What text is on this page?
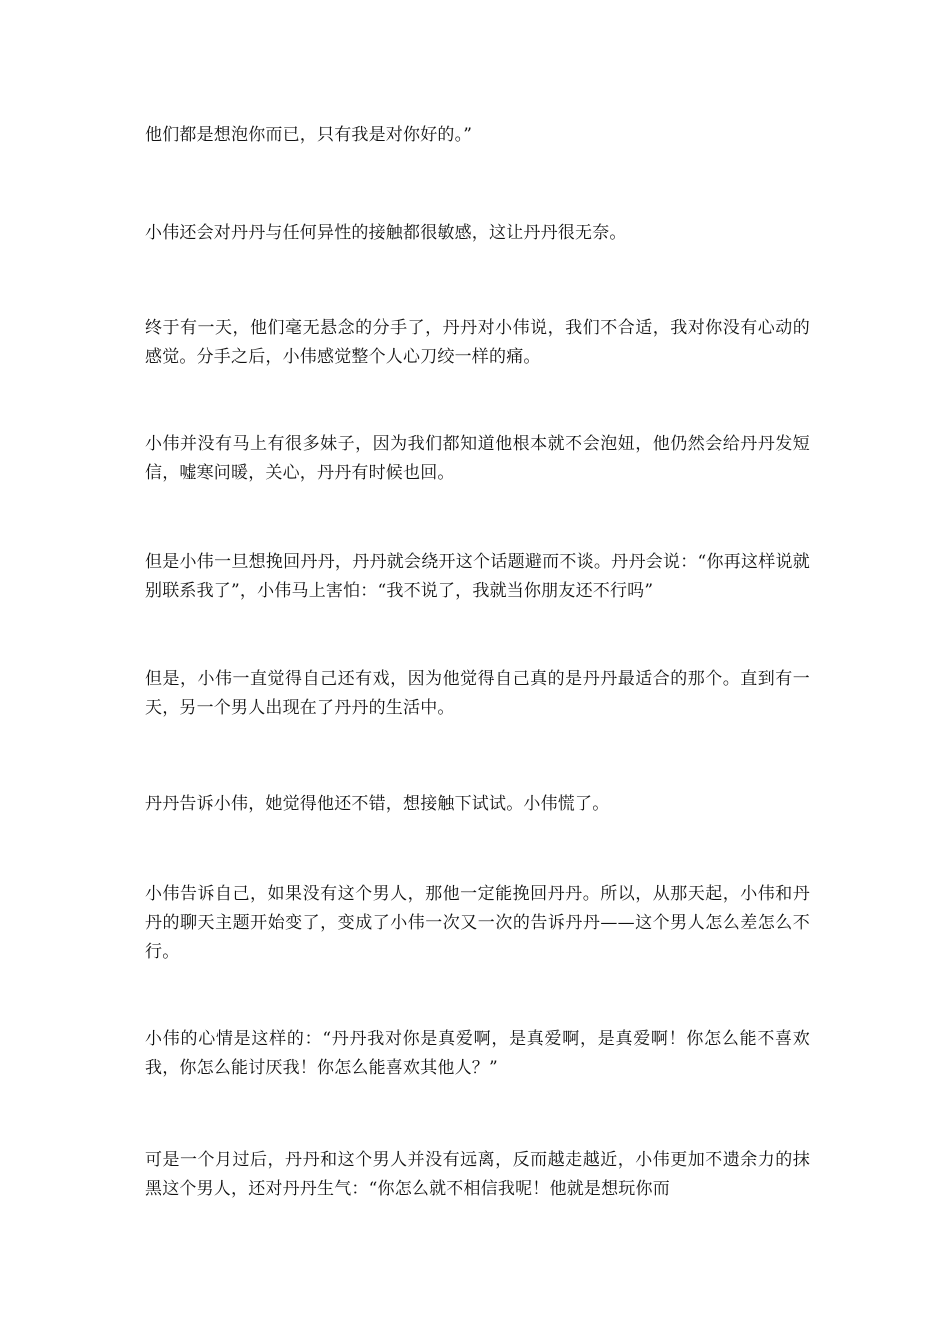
他们都是想泡你而已，只有我是对你好的。”

小伟还会对丹丹与任何异性的接触都很敏感，这让丹丹很无奈。

终于有一天，他们毫无悬念的分手了，丹丹对小伟说，我们不合适，我对你没有心动的感觉。分手之后，小伟感觉整个人心刀绞一样的痛。

小伟并没有马上有很多妹子，因为我们都知道他根本就不会泡妞，他仍然会给丹丹发短信，嘘寒问暖，关心，丹丹有时候也回。

但是小伟一旦想挽回丹丹，丹丹就会绕开这个话题避而不谈。丹丹会说：“你再这样说就别联系我了”，小伟马上害怕：“我不说了，我就当你朋友还不行吗”

但是，小伟一直觉得自己还有戏，因为他觉得自己真的是丹丹最适合的那个。直到有一天，另一个男人出现在了丹丹的生活中。

丹丹告诉小伟，她觉得他还不错，想接触下试试。小伟慌了。

小伟告诉自己，如果没有这个男人，那他一定能挽回丹丹。所以，从那天起，小伟和丹丹的聊天主题开始变了，变成了小伟一次又一次的告诉丹丹——这个男人怎么差怎么不行。

小伟的心情是这样的：“丹丹我对你是真爱啊，是真爱啊，是真爱啊！你怎么能不喜欢我，你怎么能讨厌我！你怎么能喜欢其他人？”

可是一个月过后，丹丹和这个男人并没有远离，反而越走越近，小伟更加不遗余力的抹黑这个男人，还对丹丹生气：“你怎么就不相信我呢！他就是想玩你而
